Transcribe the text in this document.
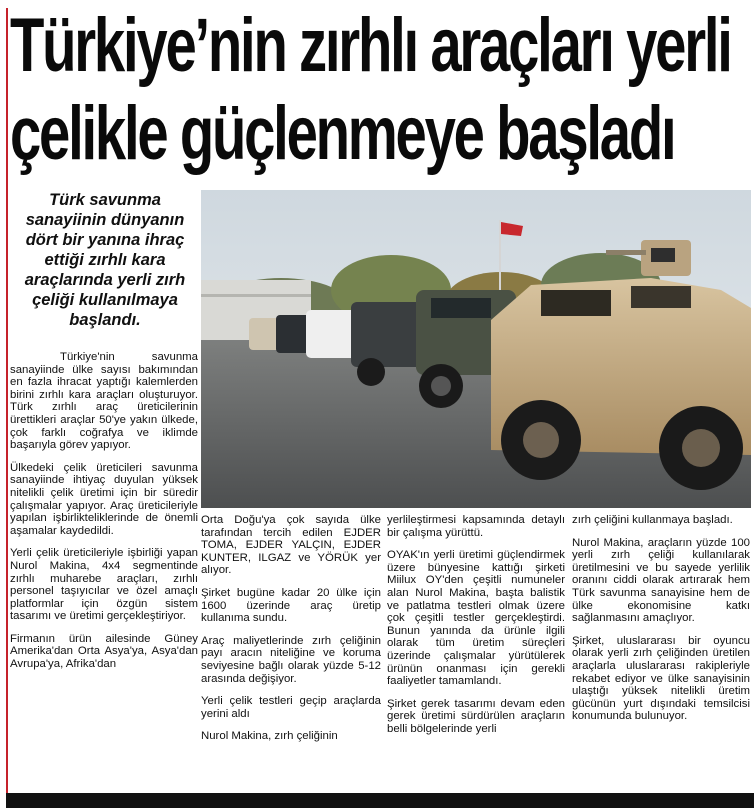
Türkiye’nin zırhlı araçları yerli
çelikle güçlenmeye başladı
Türk savunma sanayiinin dünyanın dört bir yanına ihraç ettiği zırhlı kara araçlarında yerli zırh çeliği kullanılmaya başlandı.

Türkiye'nin savunma sanayiinde ülke sayısı bakımından en fazla ihracat yaptığı kalemlerden birini zırhlı kara araçları oluşturuyor. Türk zırhlı araç üreticilerinin ürettikleri araçlar 50'ye yakın ülkede, çok farklı coğrafya ve iklimde başarıyla görev yapıyor.

Ülkedeki çelik üreticileri savunma sanayiinde ihtiyaç duyulan yüksek nitelikli çelik üretimi için bir süredir çalışmalar yapıyor. Araç üreticileriyle yapılan işbirlikteliklerinde de önemli aşamalar kaydedildi.

Yerli çelik üreticileriyle işbirliği yapan Nurol Makina, 4x4 segmentinde zırhlı muharebe araçları, zırhlı personel taşıyıcılar ve özel amaçlı platformlar için özgün sistem tasarımı ve üretimi gerçekleştiriyor.

Firmanın ürün ailesinde Güney Amerika'dan Orta Asya'ya, Asya'dan Avrupa'ya, Afrika'dan

Orta Doğu'ya çok sayıda ülke tarafından tercih edilen EJDER TOMA, EJDER YALÇIN, EJDER KUNTER, ILGAZ ve YÖRÜK yer alıyor.

Şirket bugüne kadar 20 ülke için 1600 üzerinde araç üretip kullanıma sundu.

Araç maliyetlerinde zırh çeliğinin payı aracın niteliğine ve koruma seviyesine bağlı olarak yüzde 5-12 arasında değişiyor.

Yerli çelik testleri geçip araçlarda yerini aldı

Nurol Makina, zırh çeliğinin

yerlileştirmesi kapsamında detaylı bir çalışma yürüttü.

OYAK'ın yerli üretimi güçlendirmek üzere bünyesine kattığı şirketi Miilux OY'den çeşitli numuneler alan Nurol Makina, başta balistik ve patlatma testleri olmak üzere çok çeşitli testler gerçekleştirdi. Bunun yanında da ürünle ilgili olarak tüm üretim süreçleri üzerinde çalışmalar yürütülerek ürünün onanması için gerekli faaliyetler tamamlandı.

Şirket gerek tasarımı devam eden gerek üretimi sürdürülen araçların belli bölgelerinde yerli

zırh çeliğini kullanmaya başladı.

Nurol Makina, araçların yüzde 100 yerli zırh çeliği kullanılarak üretilmesini ve bu sayede yerlilik oranını ciddi olarak artırarak hem Türk savunma sanayisine hem de ülke ekonomisine katkı sağlanmasını amaçlıyor.

Şirket, uluslararası bir oyuncu olarak yerli zırh çeliğinden üretilen araçlarla uluslararası rakipleriyle rekabet ediyor ve ülke sanayisinin ulaştığı yüksek nitelikli üretim gücünün yurt dışındaki temsilcisi konumunda bulunuyor.
